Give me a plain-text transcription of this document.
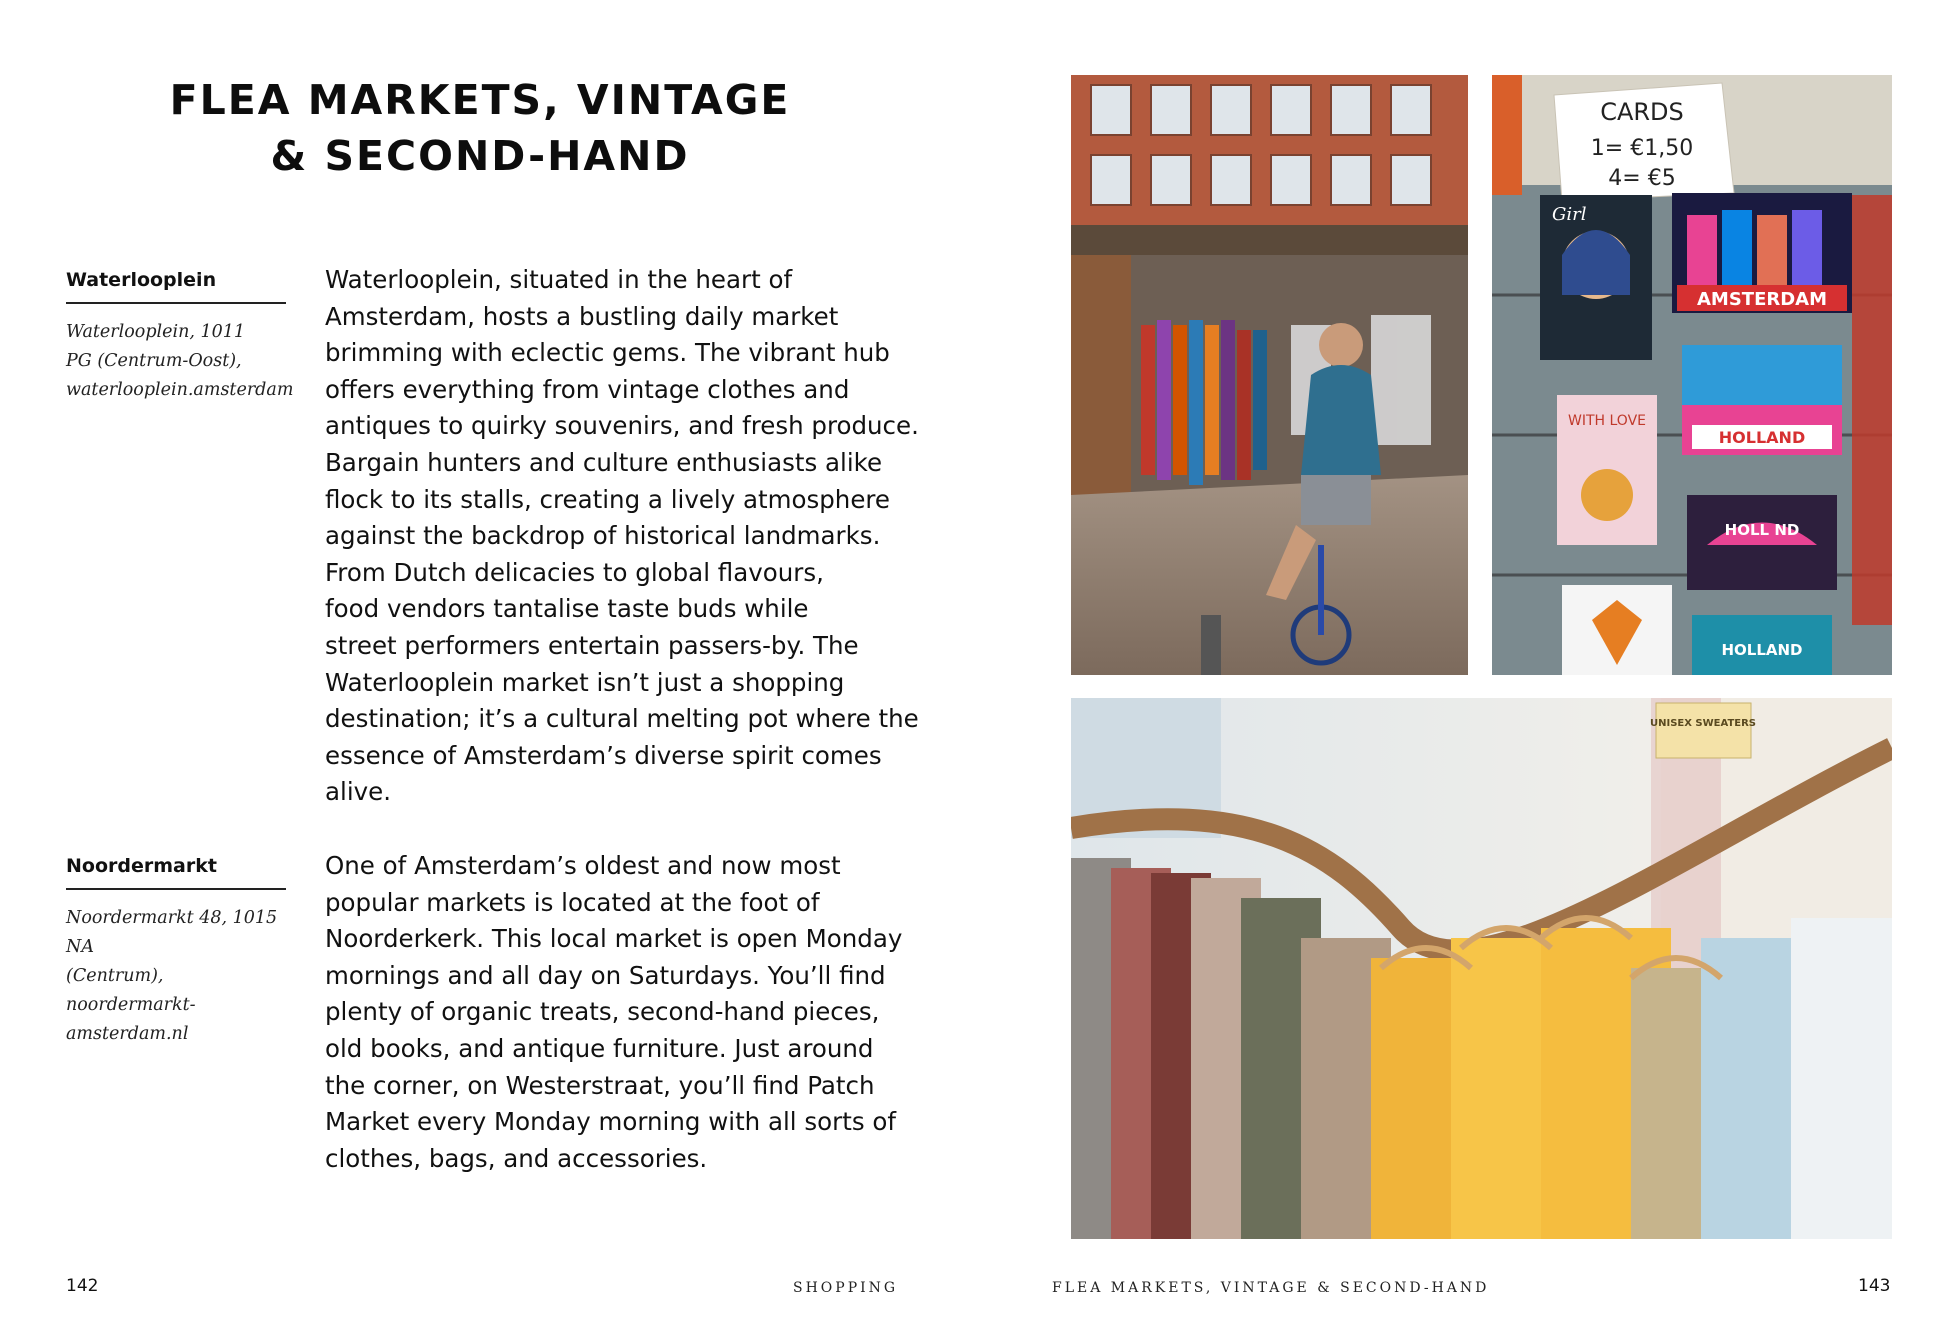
FLEA MARKETS, VINTAGE
& SECOND-HAND
Waterlooplein
Waterlooplein, 1011
PG (Centrum-Oost),
waterlooplein.amsterdam
Waterlooplein, situated in the heart of
Amsterdam, hosts a bustling daily market
brimming with eclectic gems. The vibrant hub
offers everything from vintage clothes and
antiques to quirky souvenirs, and fresh produce.
Bargain hunters and culture enthusiasts alike
flock to its stalls, creating a lively atmosphere
against the backdrop of historical landmarks.
From Dutch delicacies to global flavours,
food vendors tantalise taste buds while
street performers entertain passers-by. The
Waterlooplein market isn’t just a shopping
destination; it’s a cultural melting pot where the
essence of Amsterdam’s diverse spirit comes
alive.
Noordermarkt
Noordermarkt 48, 1015 NA
(Centrum), noordermarkt-
amsterdam.nl
One of Amsterdam’s oldest and now most
popular markets is located at the foot of
Noorderkerk. This local market is open Monday
mornings and all day on Saturdays. You’ll find
plenty of organic treats, second-hand pieces,
old books, and antique furniture. Just around
the corner, on Westerstraat, you’ll find Patch
Market every Monday morning with all sorts of
clothes, bags, and accessories.
CARDS
1= €1,50
4= €5
Girl
AMSTERDAM
HOLLAND
WITH LOVE
HOLL ND
HOLLAND
UNISEX SWEATERS
142	SHOPPING	FLEA MARKETS, VINTAGE & SECOND-HAND	143
